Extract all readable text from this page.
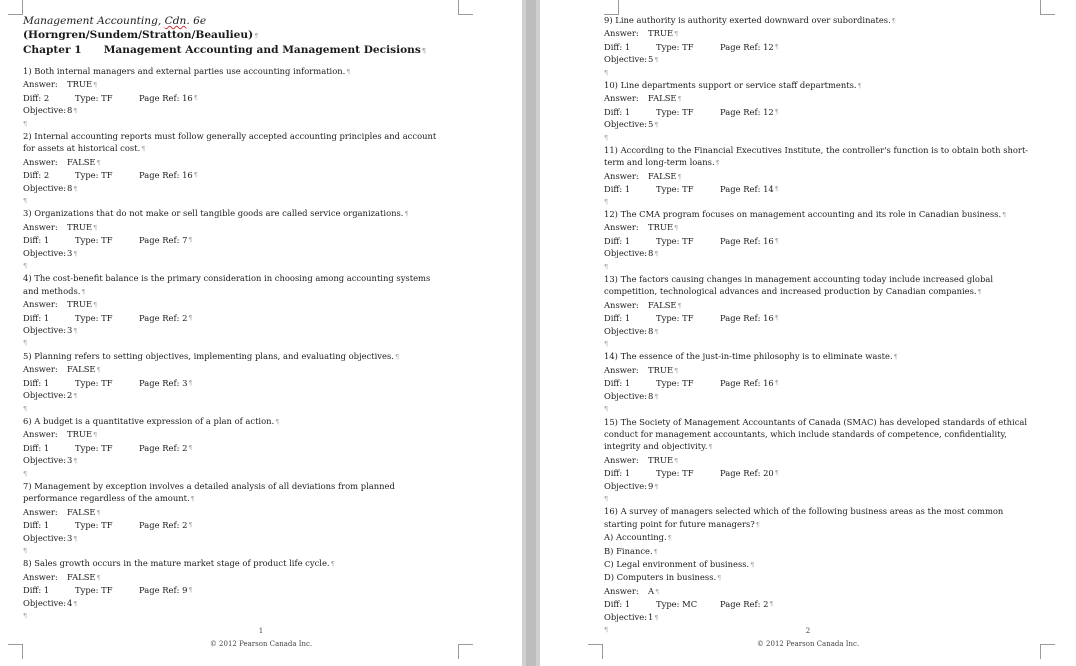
Management Accounting, Cdn. 6e (Horngren/Sundem/Stratton/Beaulieu)¶
Chapter 1 Management Accounting and Management Decisions¶
1) Both internal managers and external parties use accounting information.¶
Answer: TRUE¶
Diff: 2	Type: TF	Page Ref: 16 ¶
Objective:8¶
¶
2) Internal accounting reports must follow generally accepted accounting principles and account for assets at historical cost.¶
Answer: FALSE¶
Diff: 2	Type: TF	Page Ref: 16 ¶
Objective:8¶
¶
3) Organizations that do not make or sell tangible goods are called service organizations.¶
Answer: TRUE¶
Diff: 1	Type: TF	Page Ref: 7 ¶
Objective:3¶
¶
4) The cost-benefit balance is the primary consideration in choosing among accounting systems and methods.¶
Answer: TRUE¶
Diff: 1	Type: TF	Page Ref: 2 ¶
Objective:3¶
¶
5) Planning refers to setting objectives, implementing plans, and evaluating objectives.¶
Answer: FALSE¶
Diff: 1	Type: TF	Page Ref: 3 ¶
Objective:2¶
¶
6) A budget is a quantitative expression of a plan of action.¶
Answer: TRUE¶
Diff: 1	Type: TF	Page Ref: 2 ¶
Objective:3¶
¶
7) Management by exception involves a detailed analysis of all deviations from planned performance regardless of the amount.¶
Answer: FALSE¶
Diff: 1	Type: TF	Page Ref: 2 ¶
Objective:3¶
¶
8) Sales growth occurs in the mature market stage of product life cycle.¶
Answer: FALSE¶
Diff: 1	Type: TF	Page Ref: 9 ¶
Objective:4¶
¶
1
© 2012 Pearson Canada Inc.
9) Line authority is authority exerted downward over subordinates.¶
Answer: TRUE¶
Diff: 1	Type: TF	Page Ref: 12 ¶
Objective:5¶
¶
10) Line departments support or service staff departments.¶
Answer: FALSE¶
Diff: 1	Type: TF	Page Ref: 12 ¶
Objective:5¶
¶
11) According to the Financial Executives Institute, the controller's function is to obtain both short-term and long-term loans.¶
Answer: FALSE¶
Diff: 1	Type: TF	Page Ref: 14 ¶
¶
12) The CMA program focuses on management accounting and its role in Canadian business.¶
Answer: TRUE¶
Diff: 1	Type: TF	Page Ref: 16 ¶
Objective:8¶
¶
13) The factors causing changes in management accounting today include increased global competition, technological advances and increased production by Canadian companies.¶
Answer: FALSE¶
Diff: 1	Type: TF	Page Ref: 16 ¶
Objective:8¶
¶
14) The essence of the just-in-time philosophy is to eliminate waste.¶
Answer: TRUE¶
Diff: 1	Type: TF	Page Ref: 16 ¶
Objective:8¶
¶
15) The Society of Management Accountants of Canada (SMAC) has developed standards of ethical conduct for management accountants, which include standards of competence, confidentiality, integrity and objectivity.¶
Answer: TRUE¶
Diff: 1	Type: TF	Page Ref: 20 ¶
Objective:9¶
¶
16) A survey of managers selected which of the following business areas as the most common starting point for future managers?¶
A) Accounting.¶
B) Finance.¶
C) Legal environment of business.¶
D) Computers in business.¶
Answer: A¶
Diff: 1	Type: MC	Page Ref: 2 ¶
Objective:1¶
¶	2
© 2012 Pearson Canada Inc.
